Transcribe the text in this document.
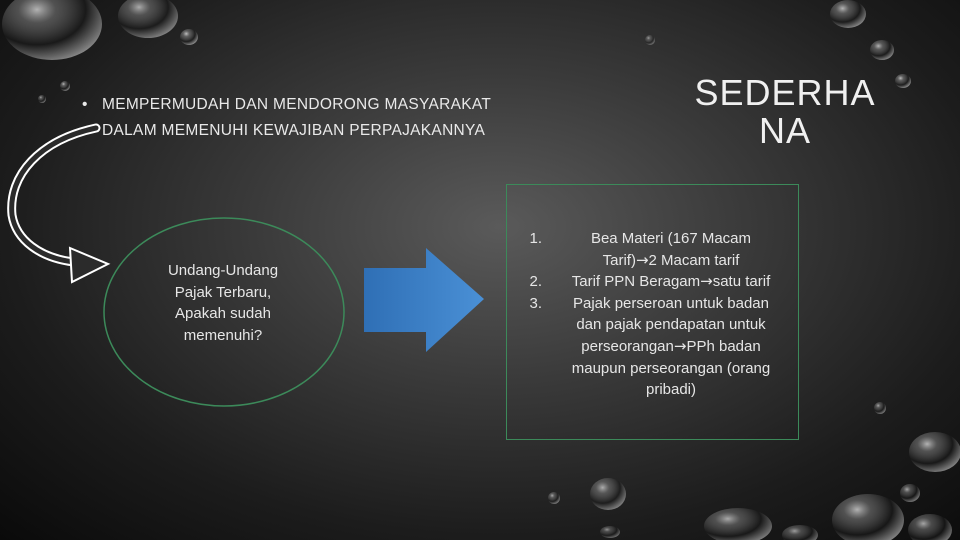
• MEMPERMUDAH DAN MENDORONG MASYARAKAT
DALAM MEMENUHI KEWAJIBAN PERPAJAKANNYA
SEDERHA
NA
Undang-Undang
Pajak Terbaru,
Apakah sudah
memenuhi?
1.	Bea Materi (167 Macam
Tarif)→2 Macam tarif
2.	Tarif PPN Beragam→satu tarif
3.	Pajak perseroan untuk badan
dan pajak pendapatan untuk
perseorangan→PPh badan
maupun perseorangan (orang
pribadi)
